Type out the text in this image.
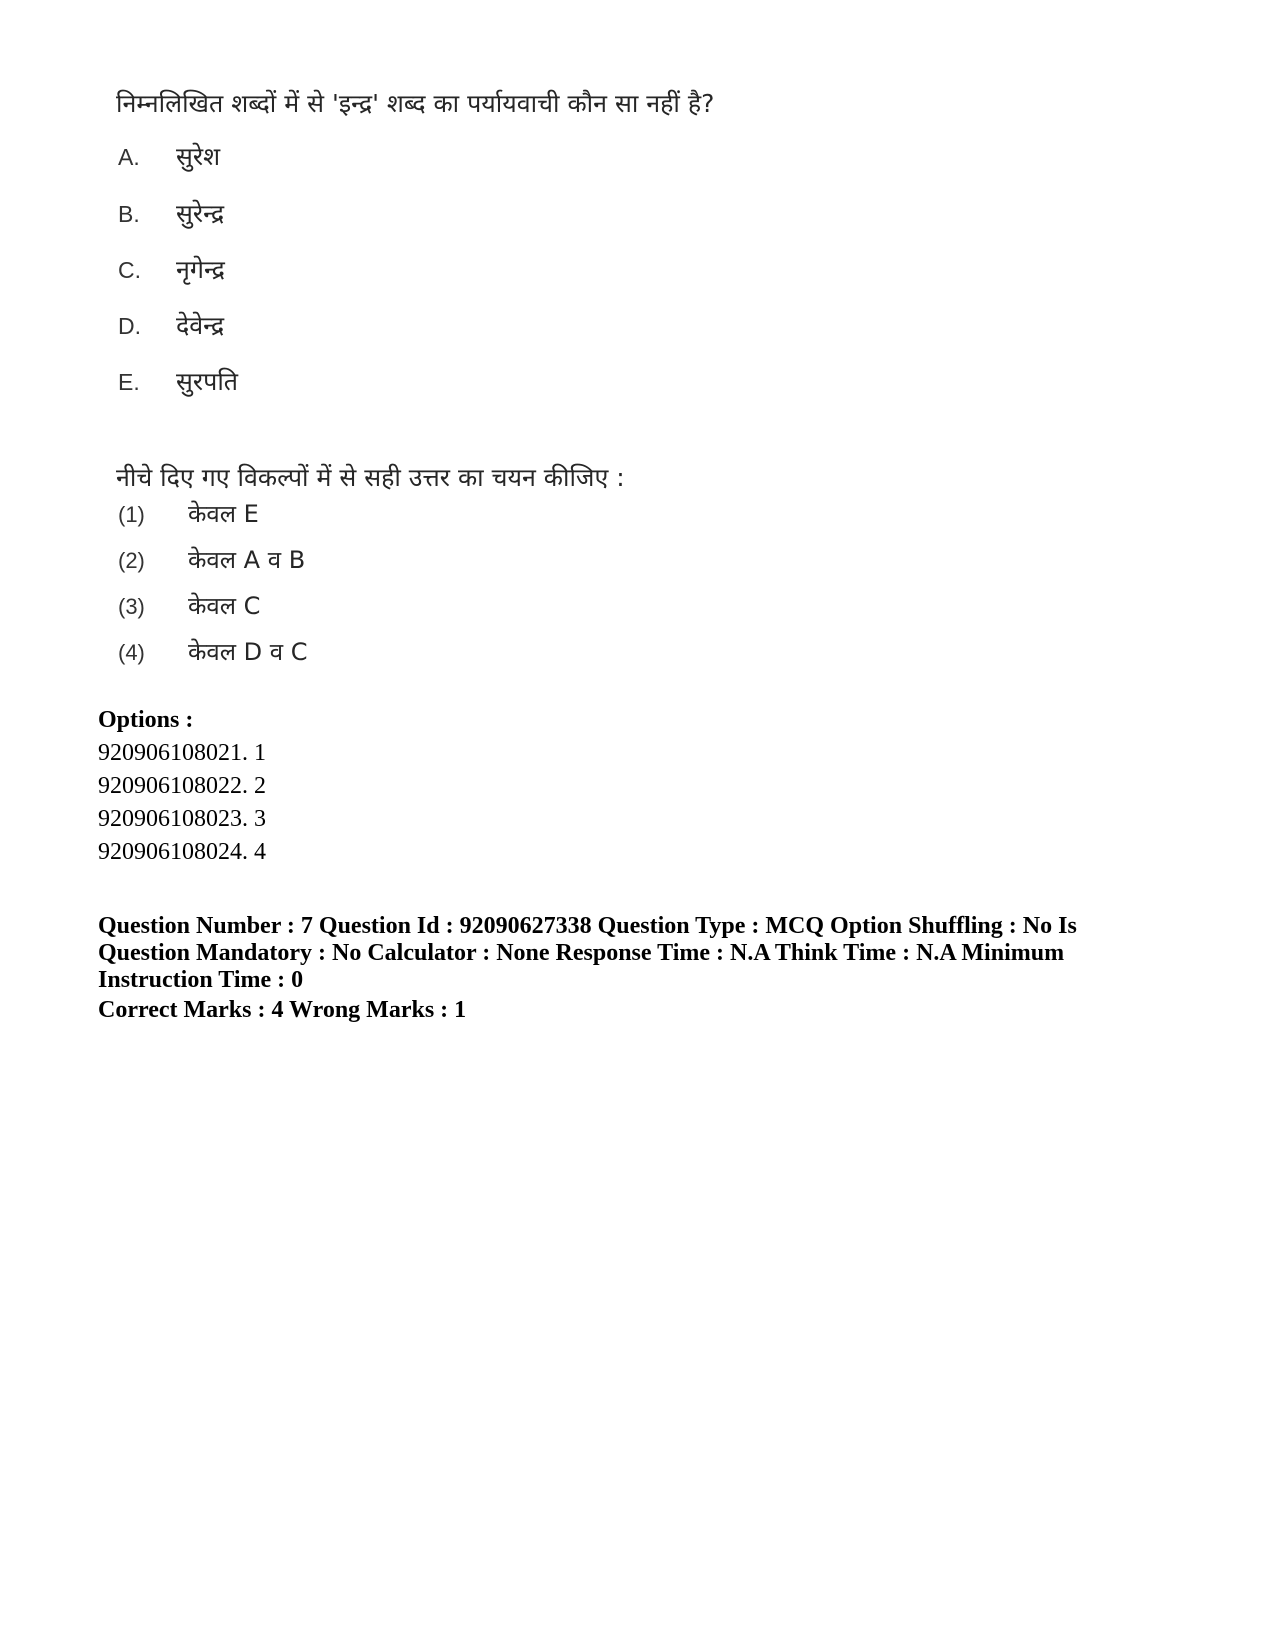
निम्नलिखित शब्दों में से 'इन्द्र' शब्द का पर्यायवाची कौन सा नहीं है?
A. सुरेश
B. सुरेन्द्र
C. नृगेन्द्र
D. देवेन्द्र
E. सुरपति
नीचे दिए गए विकल्पों में से सही उत्तर का चयन कीजिए :
(1) केवल E
(2) केवल A व B
(3) केवल C
(4) केवल D व C
Options :
920906108021. 1
920906108022. 2
920906108023. 3
920906108024. 4
Question Number : 7 Question Id : 92090627338 Question Type : MCQ Option Shuffling : No Is Question Mandatory : No Calculator : None Response Time : N.A Think Time : N.A Minimum Instruction Time : 0
Correct Marks : 4 Wrong Marks : 1
